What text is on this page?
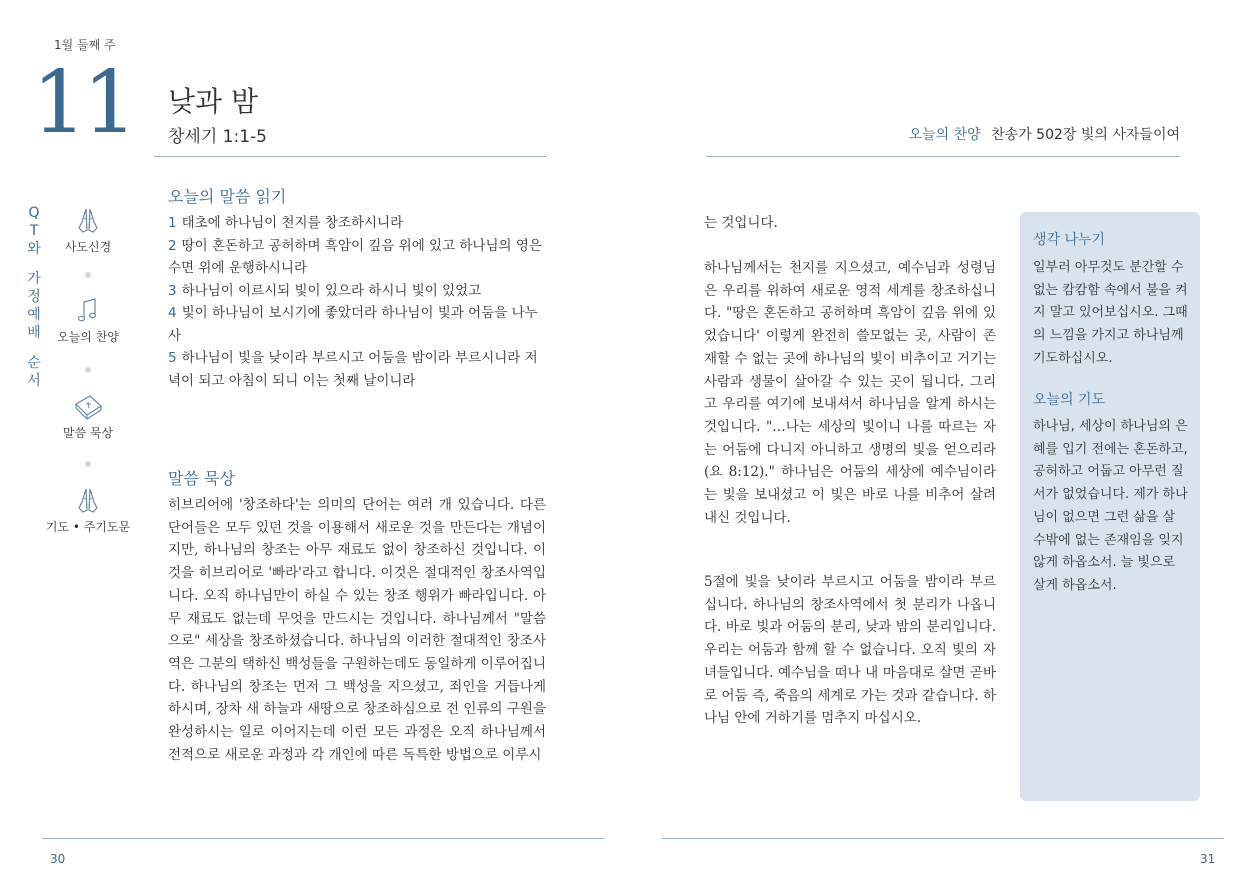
1월 둘째 주
11 낮과 밤
창세기 1:1-5	오늘의 찬양 찬송가 502장 빛의 사자들이여
Q
T
와
가
정
예
배
순
서
사도신경
오늘의 찬양
말씀 묵상
기도 • 주기도문
오늘의 말씀 읽기
1 태초에 하나님이 천지를 창조하시니라
2 땅이 혼돈하고 공허하며 흑암이 깊음 위에 있고 하나님의 영은 수면 위에 운행하시니라
3 하나님이 이르시되 빛이 있으라 하시니 빛이 있었고
4 빛이 하나님이 보시기에 좋았더라 하나님이 빛과 어둠을 나누사
5 하나님이 빛을 낮이라 부르시고 어둠을 밤이라 부르시니라 저녁이 되고 아침이 되니 이는 첫째 날이니라
말씀 묵상
히브리어에 '창조하다'는 의미의 단어는 여러 개 있습니다. 다른 단어들은 모두 있던 것을 이용해서 새로운 것을 만든다는 개념이지만, 하나님의 창조는 아무 재료도 없이 창조하신 것입니다. 이것을 히브리어로 '빠라'라고 합니다. 이것은 절대적인 창조사역입니다. 오직 하나님만이 하실 수 있는 창조 행위가 빠라입니다. 아무 재료도 없는데 무엇을 만드시는 것입니다. 하나님께서 "말씀으로" 세상을 창조하셨습니다. 하나님의 이러한 절대적인 창조사역은 그분의 택하신 백성들을 구원하는데도 동일하게 이루어집니다. 하나님의 창조는 먼저 그 백성을 지으셨고, 죄인을 거듭나게 하시며, 장차 새 하늘과 새땅으로 창조하심으로 전 인류의 구원을 완성하시는 일로 이어지는데 이런 모든 과정은 오직 하나님께서 전적으로 새로운 과정과 각 개인에 따른 독특한 방법으로 이루시
는 것입니다.
하나님께서는 천지를 지으셨고, 예수님과 성령님은 우리를 위하여 새로운 영적 세계를 창조하십니다. "땅은 혼돈하고 공허하며 흑암이 깊음 위에 있었습니다' 이렇게 완전히 쓸모없는 곳, 사람이 존재할 수 없는 곳에 하나님의 빛이 비추이고 거기는 사람과 생물이 살아갈 수 있는 곳이 됩니다. 그리고 우리를 여기에 보내셔서 하나님을 알게 하시는 것입니다. "…나는 세상의 빛이니 나를 따르는 자는 어둠에 다니지 아니하고 생명의 빛을 얻으리라(요 8:12)." 하나님은 어둠의 세상에 예수님이라는 빛을 보내셨고 이 빛은 바로 나를 비추어 살려내신 것입니다.
5절에 빛을 낮이라 부르시고 어둠을 밤이라 부르십니다. 하나님의 창조사역에서 첫 분리가 나옵니다. 바로 빛과 어둠의 분리, 낮과 밤의 분리입니다. 우리는 어둠과 함께 할 수 없습니다. 오직 빛의 자녀들입니다. 예수님을 떠나 내 마음대로 살면 곧바로 어둠 즉, 죽음의 세계로 가는 것과 같습니다. 하나님 안에 거하기를 멈추지 마십시오.
생각 나누기
일부러 아무것도 분간할 수 없는 캄캄함 속에서 불을 켜지 말고 있어보십시오. 그때의 느낌을 가지고 하나님께 기도하십시오.
오늘의 기도
하나님, 세상이 하나님의 은혜를 입기 전에는 혼돈하고, 공허하고 어둡고 아무런 질서가 없었습니다. 제가 하나님이 없으면 그런 삶을 살 수밖에 없는 존재임을 잊지 않게 하옵소서. 늘 빛으로 살게 하옵소서.
30	31
